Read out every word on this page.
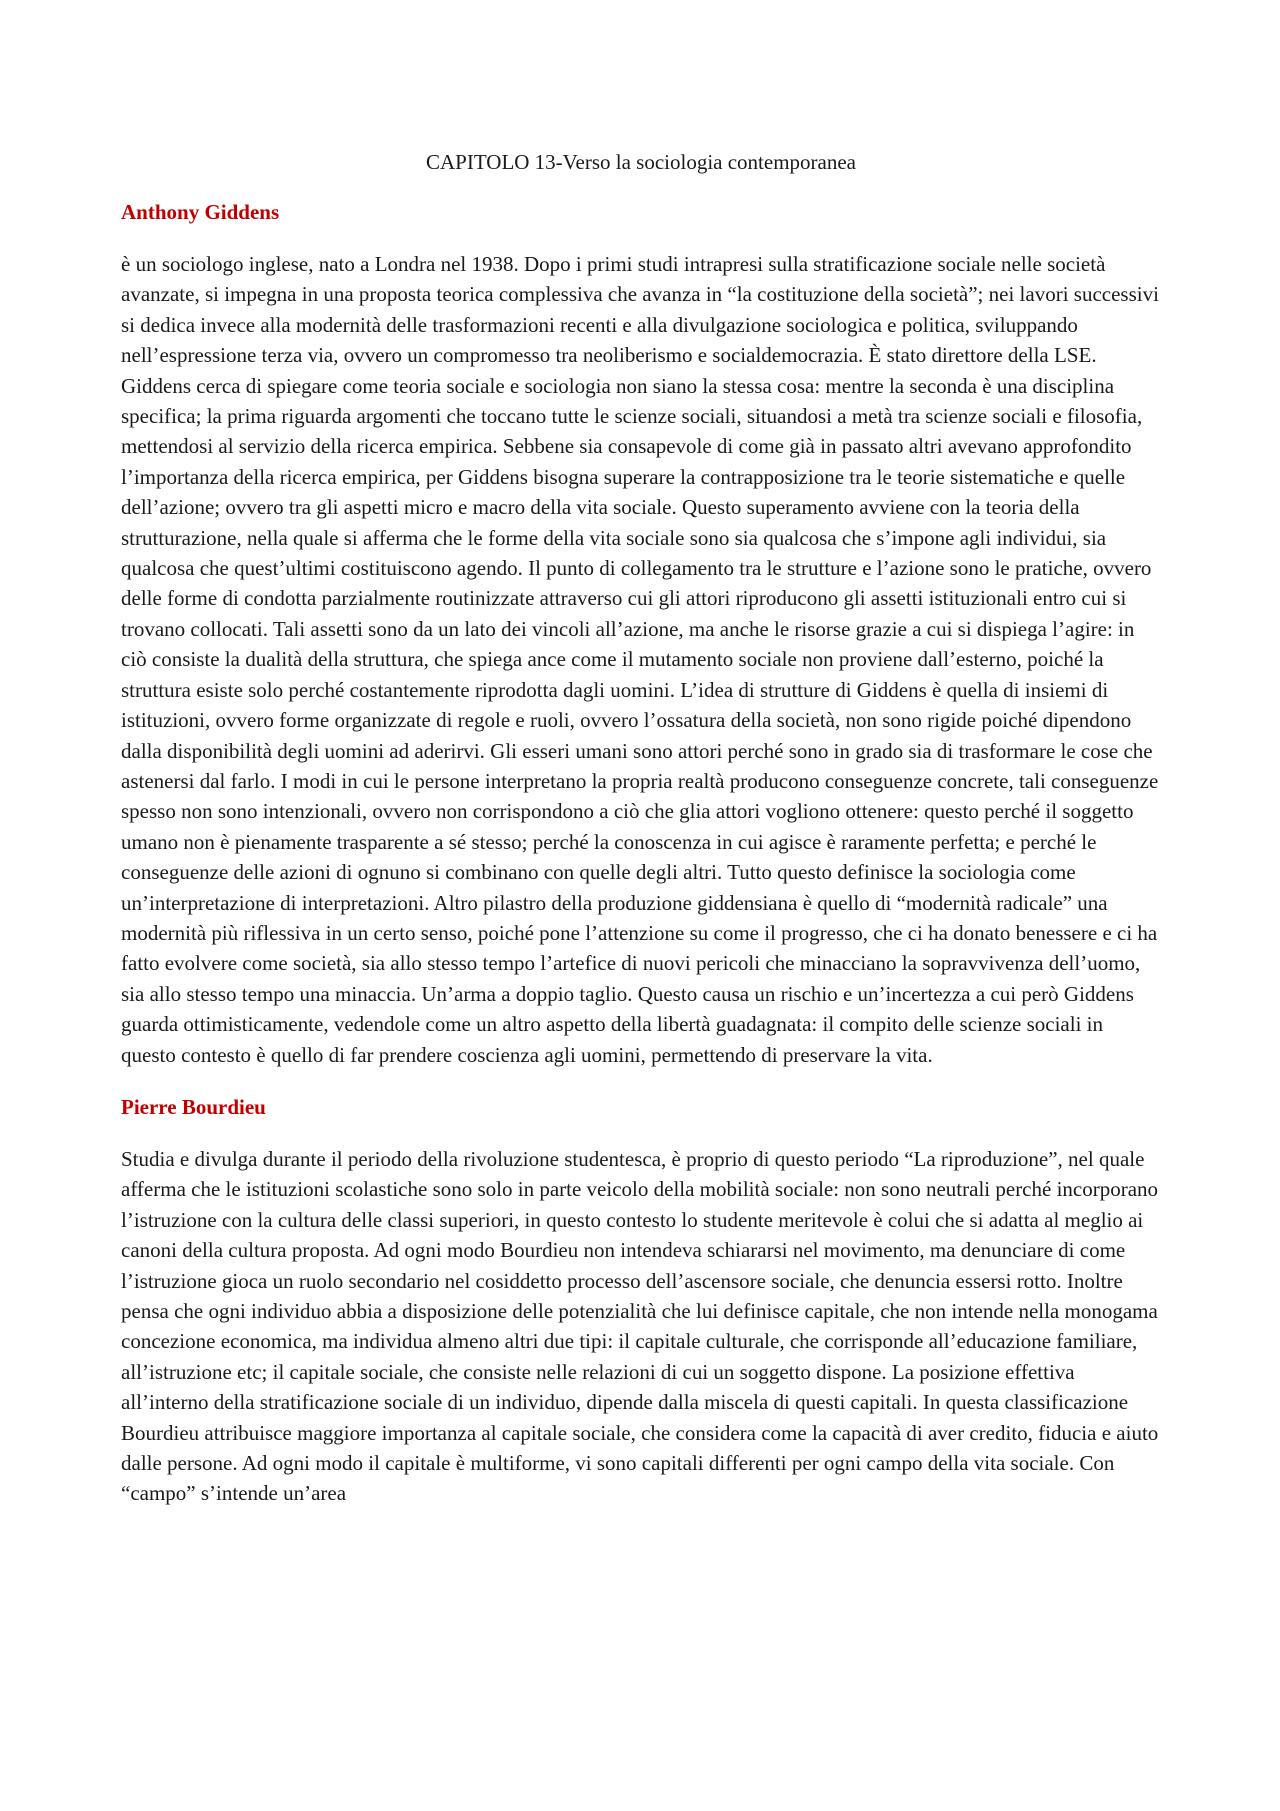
CAPITOLO 13-Verso la sociologia contemporanea
Anthony Giddens

è un sociologo inglese, nato a Londra nel 1938. Dopo i primi studi intrapresi sulla stratificazione sociale nelle società avanzate, si impegna in una proposta teorica complessiva che avanza in “la costituzione della società”; nei lavori successivi si dedica invece alla modernità delle trasformazioni recenti e alla divulgazione sociologica e politica, sviluppando nell’espressione terza via, ovvero un compromesso tra neoliberismo e socialdemocrazia. È stato direttore della LSE. Giddens cerca di spiegare come teoria sociale e sociologia non siano la stessa cosa: mentre la seconda è una disciplina specifica; la prima riguarda argomenti che toccano tutte le scienze sociali, situandosi a metà tra scienze sociali e filosofia, mettendosi al servizio della ricerca empirica. Sebbene sia consapevole di come già in passato altri avevano approfondito l’importanza della ricerca empirica, per Giddens bisogna superare la contrapposizione tra le teorie sistematiche e quelle dell’azione; ovvero tra gli aspetti micro e macro della vita sociale. Questo superamento avviene con la teoria della strutturazione, nella quale si afferma che le forme della vita sociale sono sia qualcosa che s’impone agli individui, sia qualcosa che quest’ultimi costituiscono agendo. Il punto di collegamento tra le strutture e l’azione sono le pratiche, ovvero delle forme di condotta parzialmente routinizzate attraverso cui gli attori riproducono gli assetti istituzionali entro cui si trovano collocati. Tali assetti sono da un lato dei vincoli all’azione, ma anche le risorse grazie a cui si dispiega l’agire: in ciò consiste la dualità della struttura, che spiega ance come il mutamento sociale non proviene dall’esterno, poiché la struttura esiste solo perché costantemente riprodotta dagli uomini. L’idea di strutture di Giddens è quella di insiemi di istituzioni, ovvero forme organizzate di regole e ruoli, ovvero l’ossatura della società, non sono rigide poiché dipendono dalla disponibilità degli uomini ad aderirvi. Gli esseri umani sono attori perché sono in grado sia di trasformare le cose che astenersi dal farlo. I modi in cui le persone interpretano la propria realtà producono conseguenze concrete, tali conseguenze spesso non sono intenzionali, ovvero non corrispondono a ciò che glia attori vogliono ottenere: questo perché il soggetto umano non è pienamente trasparente a sé stesso; perché la conoscenza in cui agisce è raramente perfetta; e perché le conseguenze delle azioni di ognuno si combinano con quelle degli altri. Tutto questo definisce la sociologia come un’interpretazione di interpretazioni. Altro pilastro della produzione giddensiana è quello di “modernità radicale” una modernità più riflessiva in un certo senso, poiché pone l’attenzione su come il progresso, che ci ha donato benessere e ci ha fatto evolvere come società, sia allo stesso tempo l’artefice di nuovi pericoli che minacciano la sopravvivenza dell’uomo, sia allo stesso tempo una minaccia. Un’arma a doppio taglio. Questo causa un rischio e un’incertezza a cui però Giddens guarda ottimisticamente, vedendole come un altro aspetto della libertà guadagnata: il compito delle scienze sociali in questo contesto è quello di far prendere coscienza agli uomini, permettendo di preservare la vita.

Pierre Bourdieu

Studia e divulga durante il periodo della rivoluzione studentesca, è proprio di questo periodo “La riproduzione”, nel quale afferma che le istituzioni scolastiche sono solo in parte veicolo della mobilità sociale: non sono neutrali perché incorporano l’istruzione con la cultura delle classi superiori, in questo contesto lo studente meritevole è colui che si adatta al meglio ai canoni della cultura proposta. Ad ogni modo Bourdieu non intendeva schiararsi nel movimento, ma denunciare di come l’istruzione gioca un ruolo secondario nel cosiddetto processo dell’ascensore sociale, che denuncia essersi rotto. Inoltre pensa che ogni individuo abbia a disposizione delle potenzialità che lui definisce capitale, che non intende nella monogama concezione economica, ma individua almeno altri due tipi: il capitale culturale, che corrisponde all’educazione familiare, all’istruzione etc; il capitale sociale, che consiste nelle relazioni di cui un soggetto dispone. La posizione effettiva all’interno della stratificazione sociale di un individuo, dipende dalla miscela di questi capitali. In questa classificazione Bourdieu attribuisce maggiore importanza al capitale sociale, che considera come la capacità di aver credito, fiducia e aiuto dalle persone. Ad ogni modo il capitale è multiforme, vi sono capitali differenti per ogni campo della vita sociale. Con “campo” s’intende un’area
